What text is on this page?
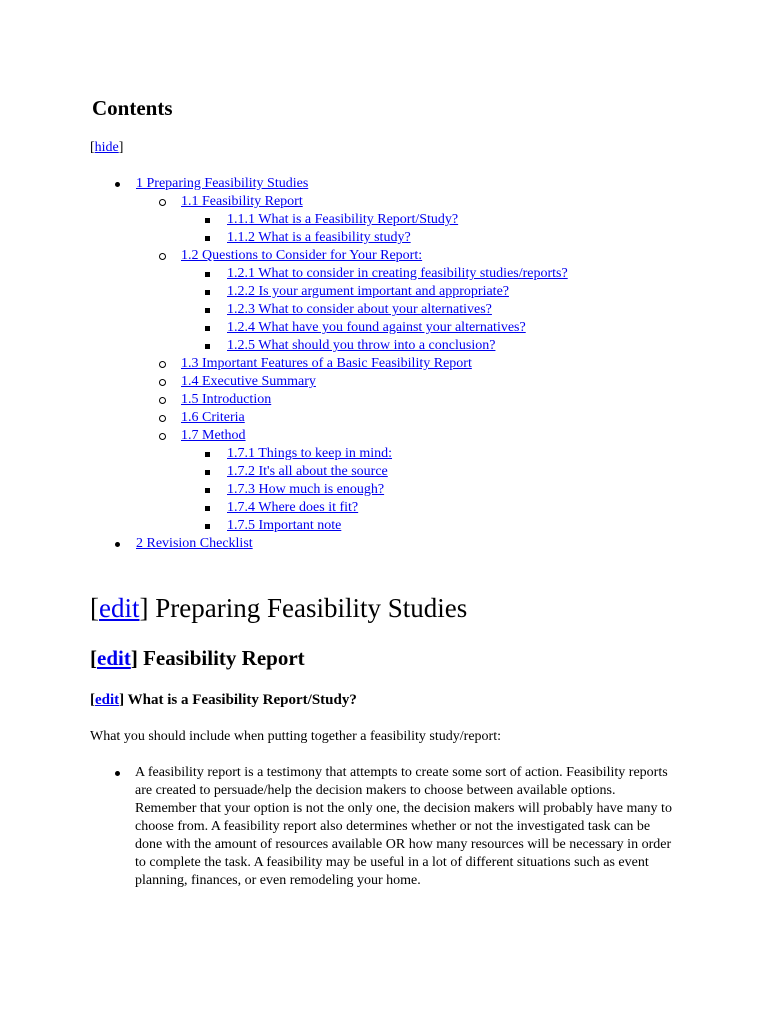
Contents
[hide]
1 Preparing Feasibility Studies
1.1 Feasibility Report
1.1.1 What is a Feasibility Report/Study?
1.1.2 What is a feasibility study?
1.2 Questions to Consider for Your Report:
1.2.1 What to consider in creating feasibility studies/reports?
1.2.2 Is your argument important and appropriate?
1.2.3 What to consider about your alternatives?
1.2.4 What have you found against your alternatives?
1.2.5 What should you throw into a conclusion?
1.3 Important Features of a Basic Feasibility Report
1.4 Executive Summary
1.5 Introduction
1.6 Criteria
1.7 Method
1.7.1 Things to keep in mind:
1.7.2 It's all about the source
1.7.3 How much is enough?
1.7.4 Where does it fit?
1.7.5 Important note
2 Revision Checklist
[edit] Preparing Feasibility Studies
[edit] Feasibility Report
[edit] What is a Feasibility Report/Study?
What you should include when putting together a feasibility study/report:
A feasibility report is a testimony that attempts to create some sort of action. Feasibility reports are created to persuade/help the decision makers to choose between available options. Remember that your option is not the only one, the decision makers will probably have many to choose from. A feasibility report also determines whether or not the investigated task can be done with the amount of resources available OR how many resources will be necessary in order to complete the task. A feasibility may be useful in a lot of different situations such as event planning, finances, or even remodeling your home.
